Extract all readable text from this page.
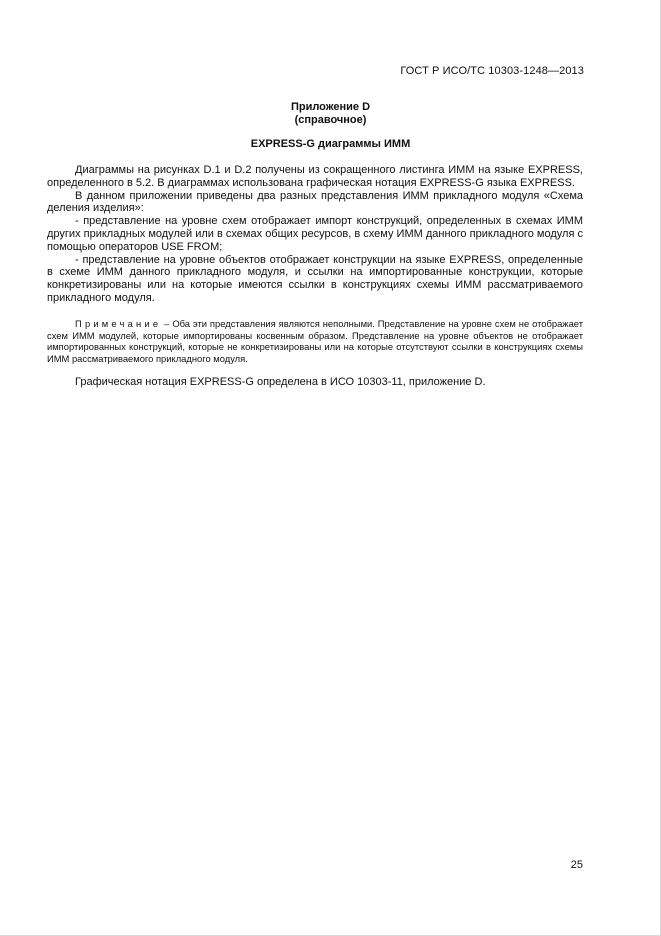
ГОСТ Р ИСО/ТС 10303-1248—2013
Приложение D
(справочное)
EXPRESS-G диаграммы ИММ

Диаграммы на рисунках D.1 и D.2 получены из сокращенного листинга ИММ на языке EXPRESS, определенного в 5.2. В диаграммах использована графическая нотация EXPRESS-G языка EXPRESS.

В данном приложении приведены два разных представления ИММ прикладного модуля «Схема деления изделия»:

- представление на уровне схем отображает импорт конструкций, определенных в схемах ИММ других прикладных модулей или в схемах общих ресурсов, в схему ИММ данного прикладного модуля с помощью операторов USE FROM;

- представление на уровне объектов отображает конструкции на языке EXPRESS, определенные в схеме ИММ данного прикладного модуля, и ссылки на импортированные конструкции, которые конкретизированы или на которые имеются ссылки в конструкциях схемы ИММ рассматриваемого прикладного модуля.

Примечание – Оба эти представления являются неполными. Представление на уровне схем не отображает схем ИММ модулей, которые импортированы косвенным образом. Представление на уровне объектов не отображает импортированных конструкций, которые не конкретизированы или на которые отсутствуют ссылки в конструкциях схемы ИММ рассматриваемого прикладного модуля.
Графическая нотация EXPRESS-G определена в ИСО 10303-11, приложение D.
25
